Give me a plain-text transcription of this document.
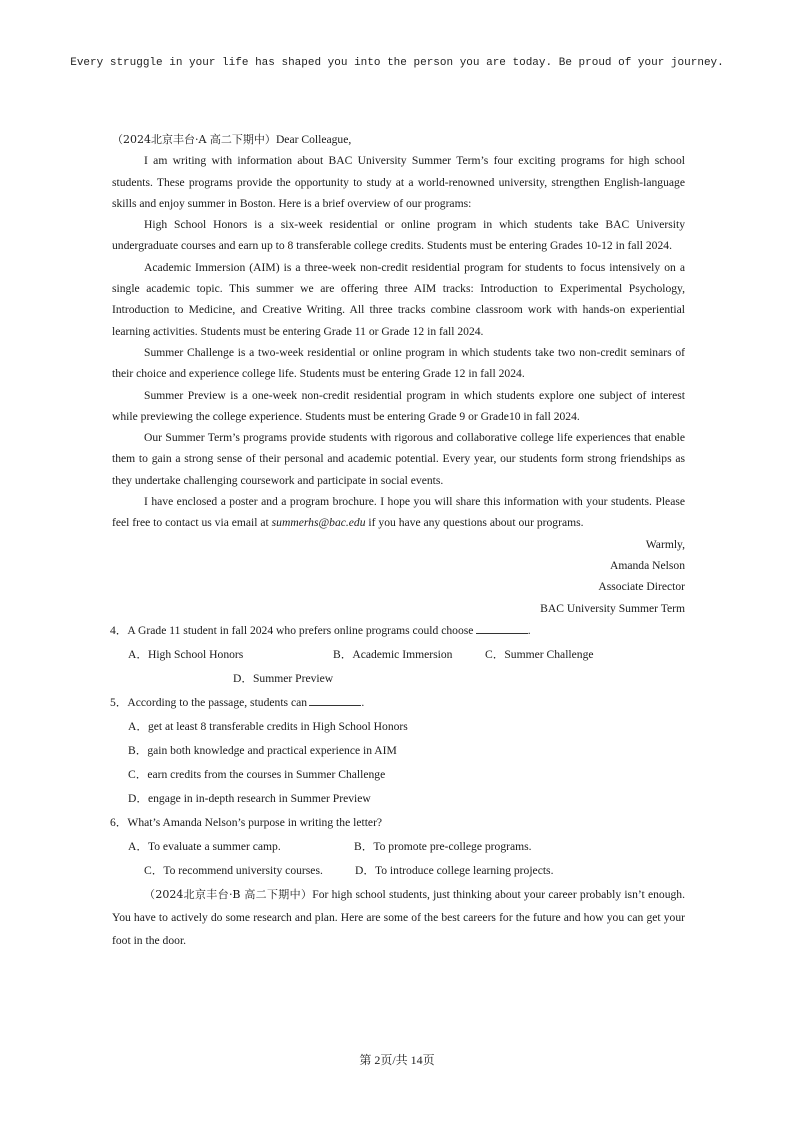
Every struggle in your life has shaped you into the person you are today. Be proud of your journey.

（2024北京丰台·A 高二下期中）Dear Colleague,

I am writing with information about BAC University Summer Term’s four exciting programs for high school students. These programs provide the opportunity to study at a world-renowned university, strengthen English-language skills and enjoy summer in Boston. Here is a brief overview of our programs:

High School Honors is a six-week residential or online program in which students take BAC University undergraduate courses and earn up to 8 transferable college credits. Students must be entering Grades 10-12 in fall 2024.

Academic Immersion (AIM) is a three-week non-credit residential program for students to focus intensively on a single academic topic. This summer we are offering three AIM tracks: Introduction to Experimental Psychology, Introduction to Medicine, and Creative Writing. All three tracks combine classroom work with hands-on experiential learning activities. Students must be entering Grade 11 or Grade 12 in fall 2024.

Summer Challenge is a two-week residential or online program in which students take two non-credit seminars of their choice and experience college life. Students must be entering Grade 12 in fall 2024.

Summer Preview is a one-week non-credit residential program in which students explore one subject of interest while previewing the college experience. Students must be entering Grade 9 or Grade10 in fall 2024.

Our Summer Term’s programs provide students with rigorous and collaborative college life experiences that enable them to gain a strong sense of their personal and academic potential. Every year, our students form strong friendships as they undertake challenging coursework and participate in social events.

I have enclosed a poster and a program brochure. I hope you will share this information with your students. Please feel free to contact us via email at summerhs@bac.edu if you have any questions about our programs.

Warmly,

Amanda Nelson

Associate Director

BAC University Summer Term

4．A Grade 11 student in fall 2024 who prefers online programs could choose 	.

A．High School Honors	B．Academic Immersion	C．Summer Challenge
D．Summer Preview

5．According to the passage, students can 	.

A．get at least 8 transferable credits in High School Honors
B．gain both knowledge and practical experience in AIM
C．earn credits from the courses in Summer Challenge
D．engage in in-depth research in Summer Preview

6．What’s Amanda Nelson’s purpose in writing the letter?

A．To evaluate a summer camp.	B．To promote pre-college programs.
C．To recommend university courses.	D．To introduce college learning projects.

（2024北京丰台·B 高二下期中）For high school students, just thinking about your career probably isn’t enough. You have to actively do some research and plan. Here are some of the best careers for the future and how you can get your foot in the door.

第 2页/共 14页
